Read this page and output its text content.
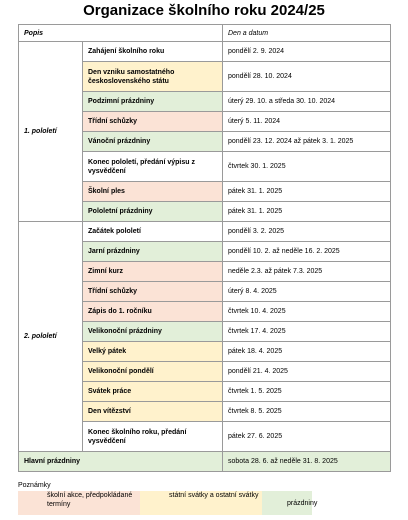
Organizace školního roku 2024/25
Popis		Den a datum
1. pololetí	Zahájení školního roku	pondělí 2. 9. 2024
	Den vzniku samostatného československého státu	pondělí 28. 10. 2024
	Podzimní prázdniny	úterý 29. 10. a středa 30. 10. 2024
	Třídní schůzky	úterý 5. 11. 2024
	Vánoční prázdniny	pondělí 23. 12. 2024 až pátek 3. 1. 2025
	Konec pololetí, předání výpisu z vysvědčení	čtvrtek 30. 1. 2025
	Školní ples	pátek 31. 1. 2025
	Pololetní prázdniny	pátek 31. 1. 2025
2. pololetí	Začátek pololetí	pondělí 3. 2. 2025
	Jarní prázdniny	pondělí 10. 2. až neděle 16. 2. 2025
	Zimní kurz	neděle 2.3. až pátek 7.3. 2025
	Třídní schůzky	úterý 8. 4. 2025
	Zápis do 1. ročníku	čtvrtek 10. 4. 2025
	Velikonoční prázdniny	čtvrtek 17. 4. 2025
	Velký pátek	pátek 18. 4. 2025
	Velikonoční pondělí	pondělí 21. 4. 2025
	Svátek práce	čtvrtek 1. 5. 2025
	Den vítězství	čtvrtek 8. 5. 2025
	Konec školního roku, předání vysvědčení	pátek 27. 6. 2025
Hlavní prázdniny		sobota 28. 6. až neděle 31. 8. 2025
Poznámky
školní akce, předpokládané termíny
státní svátky a ostatní svátky
prázdniny
